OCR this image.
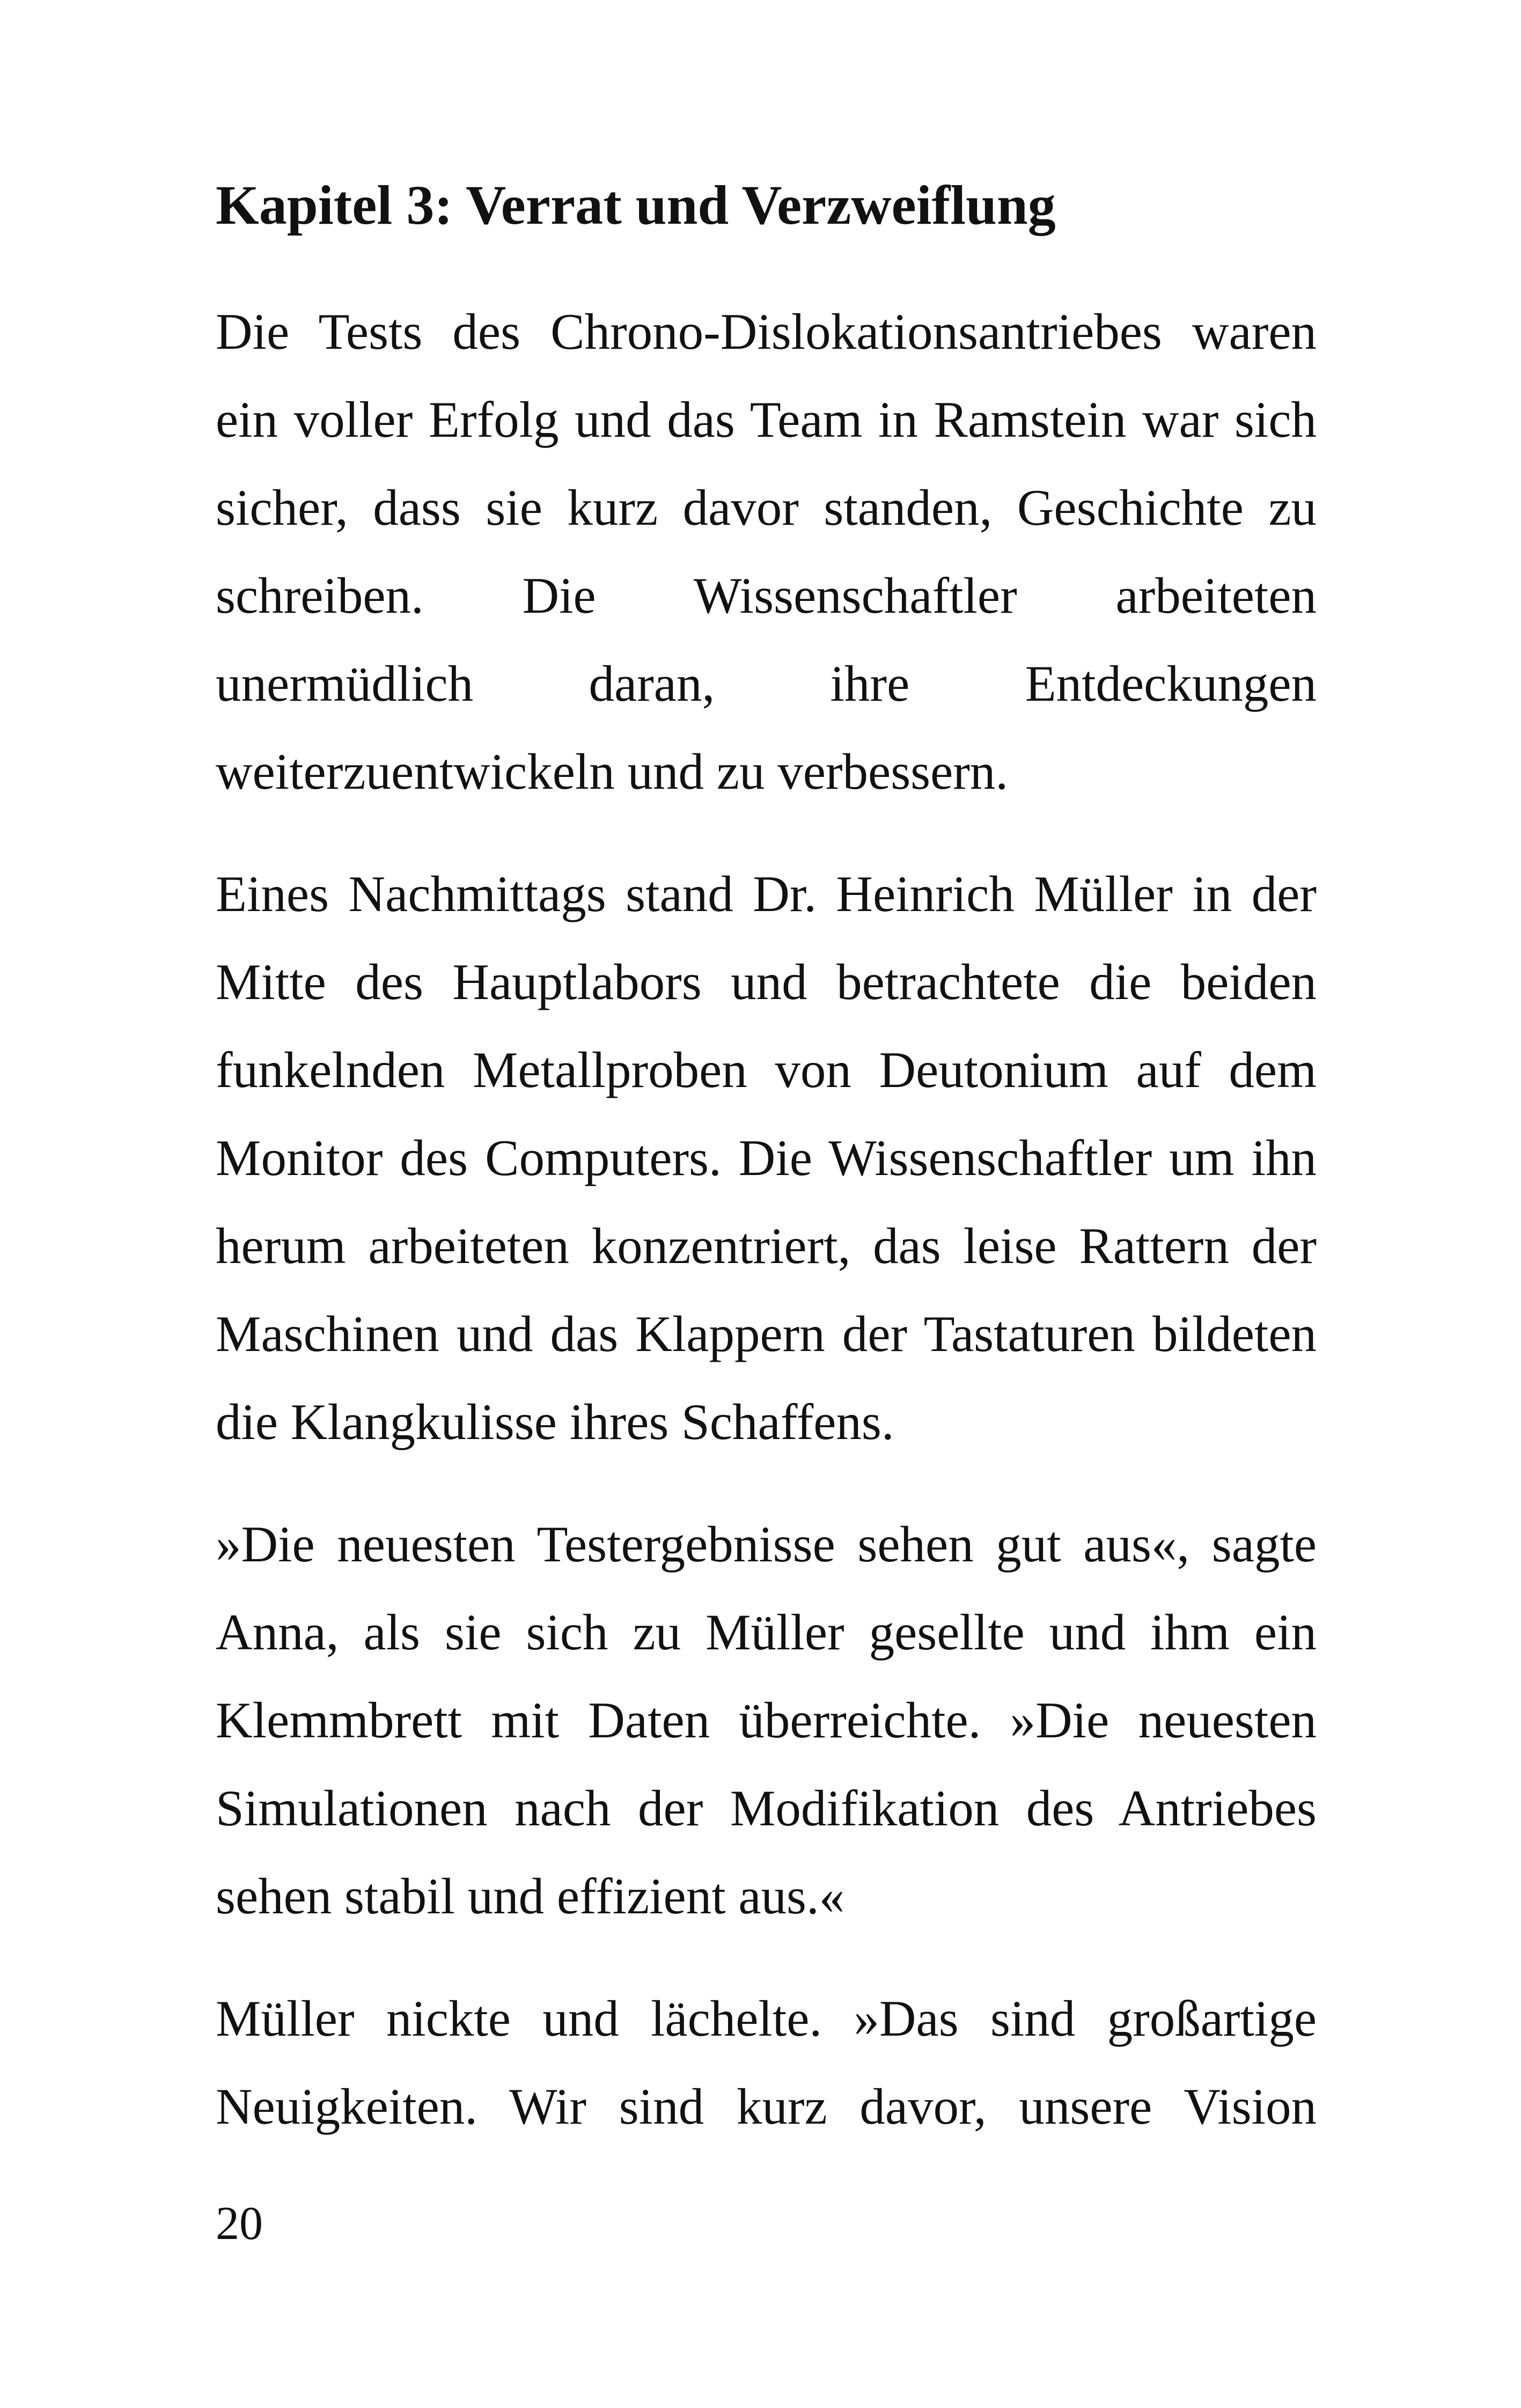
Kapitel 3: Verrat und Verzweiflung

Die Tests des Chrono-Dislokationsantriebes waren

ein voller Erfolg und das Team in Ramstein war sich

sicher, dass sie kurz davor standen, Geschichte zu

schreiben. Die Wissenschaftler arbeiteten

unermüdlich daran, ihre Entdeckungen

weiterzuentwickeln und zu verbessern.

Eines Nachmittags stand Dr. Heinrich Müller in der

Mitte des Hauptlabors und betrachtete die beiden

funkelnden Metallproben von Deutonium auf dem

Monitor des Computers. Die Wissenschaftler um ihn

herum arbeiteten konzentriert, das leise Rattern der

Maschinen und das Klappern der Tastaturen bildeten

die Klangkulisse ihres Schaffens.

»Die neuesten Testergebnisse sehen gut aus«, sagte

Anna, als sie sich zu Müller gesellte und ihm ein

Klemmbrett mit Daten überreichte. »Die neuesten

Simulationen nach der Modifikation des Antriebes

sehen stabil und effizient aus.«

Müller nickte und lächelte. »Das sind großartige

Neuigkeiten. Wir sind kurz davor, unsere Vision

20
